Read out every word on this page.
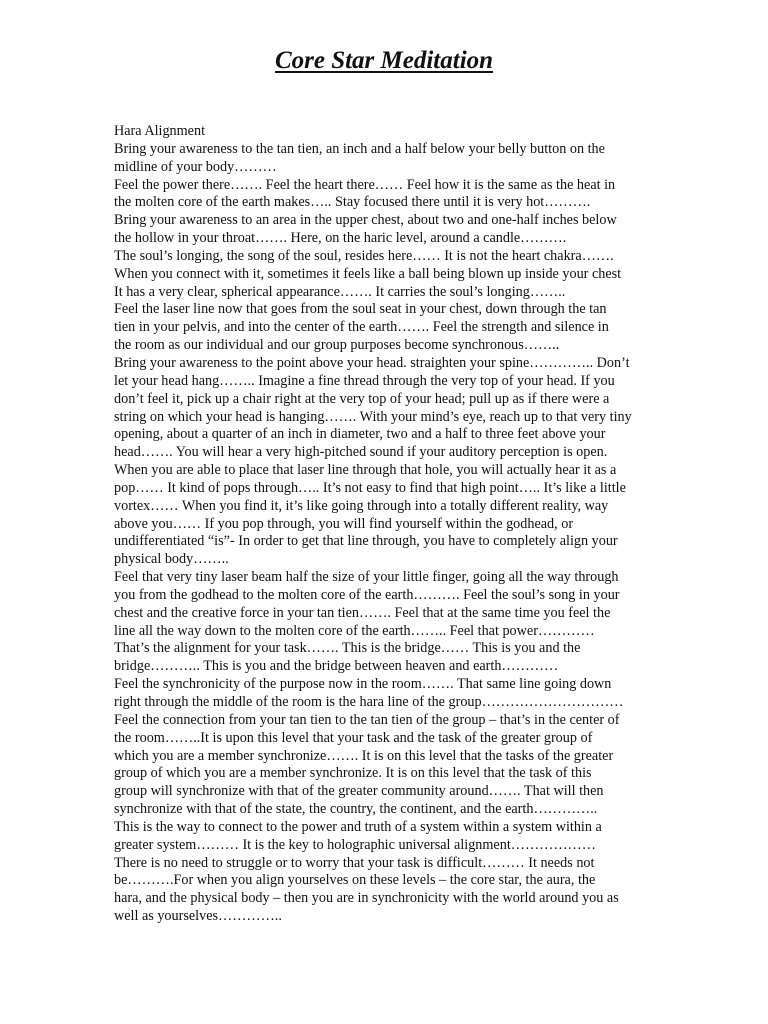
Core Star Meditation
Hara Alignment
Bring your awareness to the tan tien, an inch and a half below your belly button on the
midline of your body………
Feel the power there……. Feel the heart there…… Feel how it is the same as the heat in
the molten core of the earth makes….. Stay focused there until it is very hot……….
Bring your awareness to an area in the upper chest, about two and one-half inches below
the hollow in your throat……. Here, on the haric level, around a candle……….
The soul’s longing, the song of the soul, resides here…… It is not the heart chakra…….
When you connect with it, sometimes it feels like a ball being blown up inside your chest
It has a very clear, spherical appearance……. It carries the soul’s longing……..
Feel the laser line now that goes from the soul seat in your chest, down through the tan
tien in your pelvis, and into the center of the earth……. Feel the strength and silence in
the room as our individual and our group purposes become synchronous……..
Bring your awareness to the point above your head. straighten your spine………….. Don’t
let your head hang…….. Imagine a fine thread through the very top of your head. If you
don’t feel it, pick up a chair right at the very top of your head; pull up as if there were a
string on which your head is hanging……. With your mind’s eye, reach up to that very tiny
opening, about a quarter of an inch in diameter, two and a half to three feet above your
head……. You will hear a very high-pitched sound if your auditory perception is open.
When you are able to place that laser line through that hole, you will actually hear it as a
pop…… It kind of pops through….. It’s not easy to find that high point….. It’s like a little
vortex…… When you find it, it’s like going through into a totally different reality, way
above you…… If you pop through, you will find yourself within the godhead, or
undifferentiated “is”- In order to get that line through, you have to completely align your
physical body……..
Feel that very tiny laser beam half the size of your little finger, going all the way through
you from the godhead to the molten core of the earth………. Feel the soul’s song in your
chest and the creative force in your tan tien……. Feel that at the same time you feel the
line all the way down to the molten core of the earth…….. Feel that power…………
That’s the alignment for your task……. This is the bridge…… This is you and the
bridge……….. This is you and the bridge between heaven and earth…………
Feel the synchronicity of the purpose now in the room……. That same line going down
right through the middle of the room is the hara line of the group…………………………
Feel the connection from your tan tien to the tan tien of the group – that’s in the center of
the room……..It is upon this level that your task and the task of the greater group of
which you are a member synchronize……. It is on this level that the tasks of the greater
group of which you are a member synchronize. It is on this level that the task of this
group will synchronize with that of the greater community around……. That will then
synchronize with that of the state, the country, the continent, and the earth…………..
This is the way to connect to the power and truth of a system within a system within a
greater system……… It is the key to holographic universal alignment………………
There is no need to struggle or to worry that your task is difficult……… It needs not
be……….For when you align yourselves on these levels – the core star, the aura, the
hara, and the physical body – then you are in synchronicity with the world around you as
well as yourselves…………..
